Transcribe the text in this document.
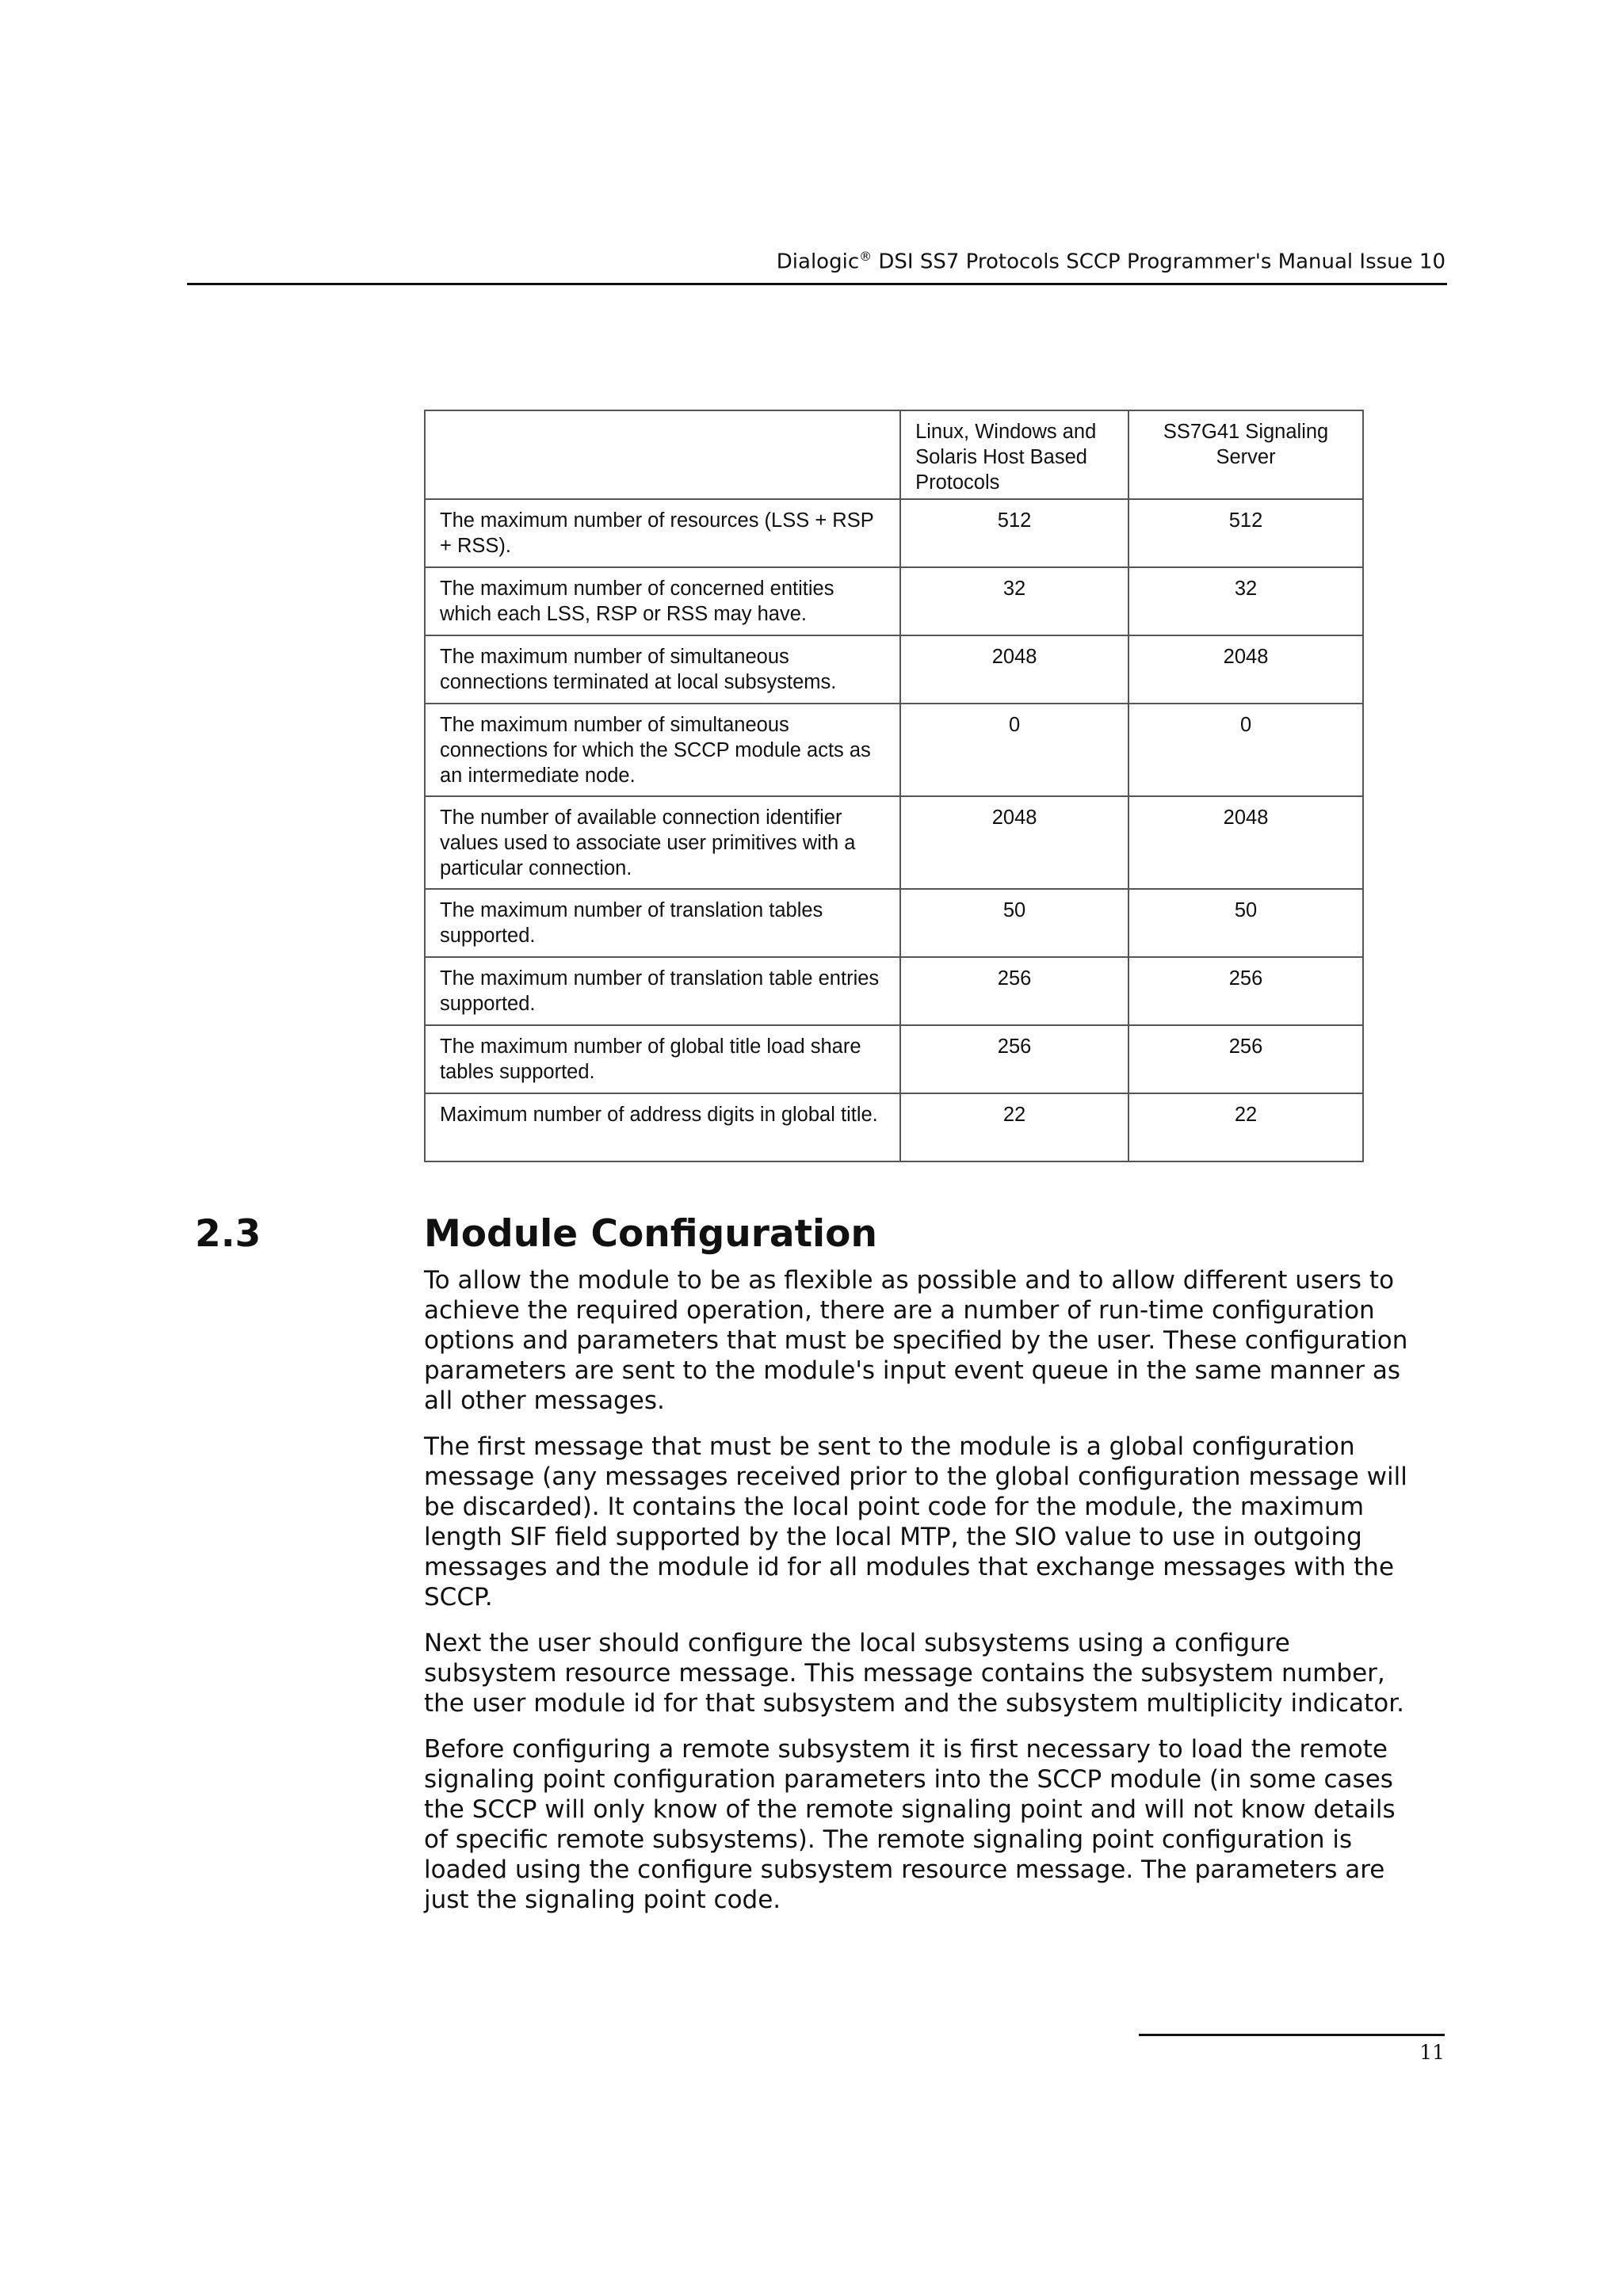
Dialogic® DSI SS7 Protocols SCCP Programmer's Manual Issue 10
	Linux, Windows and Solaris Host Based Protocols	SS7G41 Signaling Server
The maximum number of resources (LSS + RSP + RSS).	512	512
The maximum number of concerned entities which each LSS, RSP or RSS may have.	32	32
The maximum number of simultaneous connections terminated at local subsystems.	2048	2048
The maximum number of simultaneous connections for which the SCCP module acts as an intermediate node.	0	0
The number of available connection identifier values used to associate user primitives with a particular connection.	2048	2048
The maximum number of translation tables supported.	50	50
The maximum number of translation table entries supported.	256	256
The maximum number of global title load share tables supported.	256	256
Maximum number of address digits in global title.	22	22
2.3	Module Configuration

To allow the module to be as flexible as possible and to allow different users to achieve the required operation, there are a number of run-time configuration options and parameters that must be specified by the user. These configuration parameters are sent to the module's input event queue in the same manner as all other messages.

The first message that must be sent to the module is a global configuration message (any messages received prior to the global configuration message will be discarded). It contains the local point code for the module, the maximum length SIF field supported by the local MTP, the SIO value to use in outgoing messages and the module id for all modules that exchange messages with the SCCP.

Next the user should configure the local subsystems using a configure subsystem resource message. This message contains the subsystem number, the user module id for that subsystem and the subsystem multiplicity indicator.

Before configuring a remote subsystem it is first necessary to load the remote signaling point configuration parameters into the SCCP module (in some cases the SCCP will only know of the remote signaling point and will not know details of specific remote subsystems). The remote signaling point configuration is loaded using the configure subsystem resource message. The parameters are just the signaling point code.

11
